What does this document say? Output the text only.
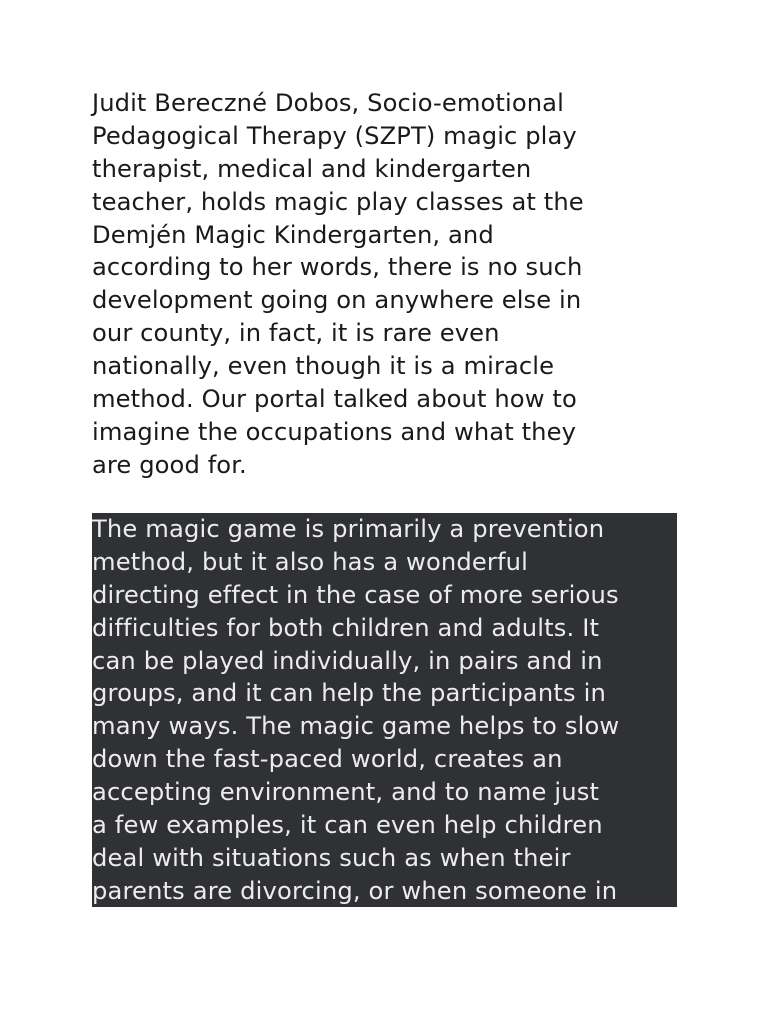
Judit Bereczné Dobos, Socio-emotional
Pedagogical Therapy (SZPT) magic play
therapist, medical and kindergarten
teacher, holds magic play classes at the
Demjén Magic Kindergarten, and
according to her words, there is no such
development going on anywhere else in
our county, in fact, it is rare even
nationally, even though it is a miracle
method. Our portal talked about how to
imagine the occupations and what they
are good for.
The magic game is primarily a prevention
method, but it also has a wonderful
directing effect in the case of more serious
difficulties for both children and adults. It
can be played individually, in pairs and in
groups, and it can help the participants in
many ways. The magic game helps to slow
down the fast-paced world, creates an
accepting environment, and to name just
a few examples, it can even help children
deal with situations such as when their
parents are divorcing, or when someone in
